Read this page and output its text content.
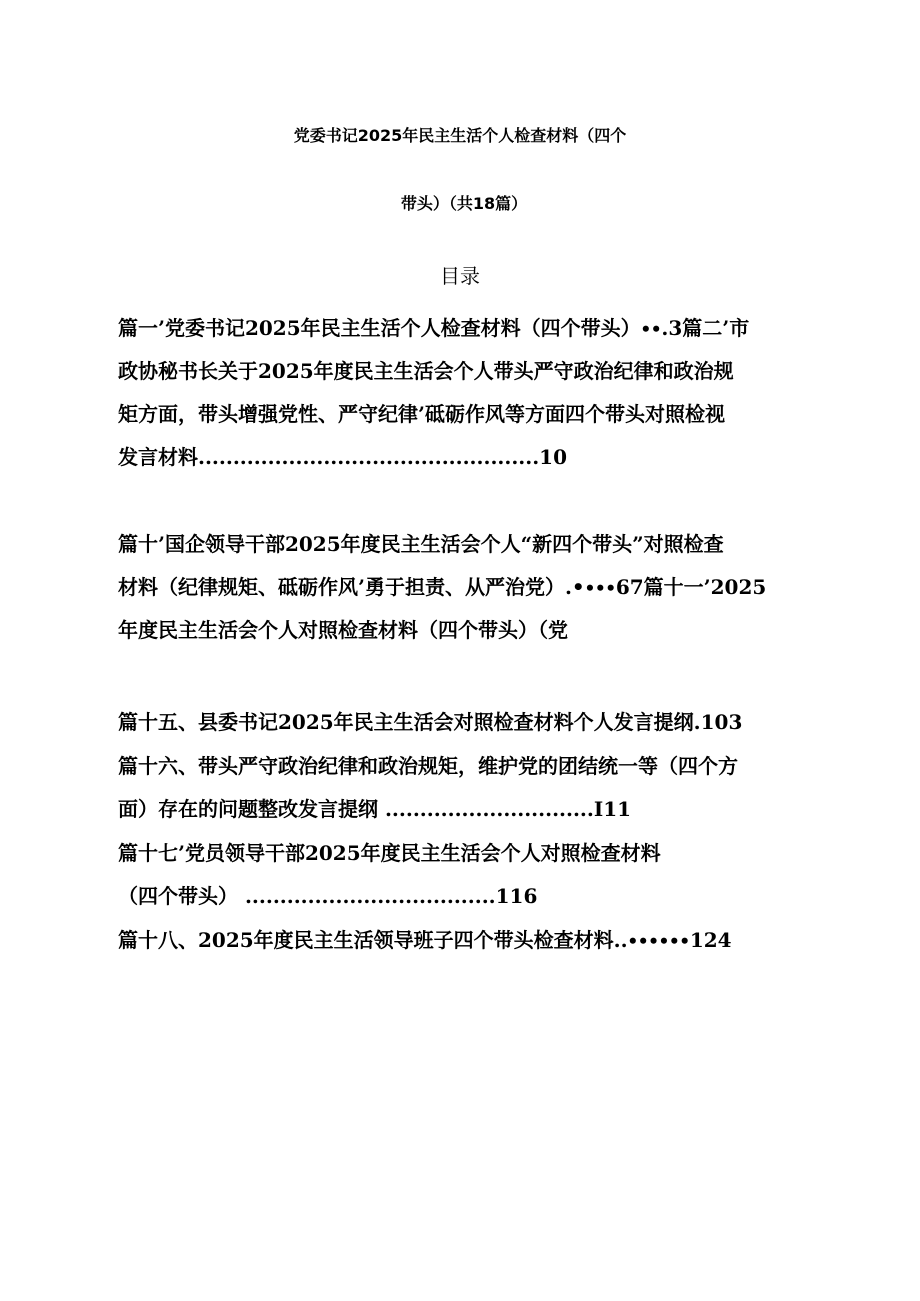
党委书记2025年民主生活个人检查材料（四个
带头）（共18篇）
目录
篇一’党委书记2025年民主生活个人检查材料（四个带头）∙∙.3篇二’市
政协秘书长关于2025年度民主生活会个人带头严守政治纪律和政治规
矩方面，带头增强党性、严守纪律’砥砺作风等方面四个带头对照检视
发言材料.................................................10
篇十’国企领导干部2025年度民主生活会个人“新四个带头”对照检查
材料（纪律规矩、砥砺作风’勇于担责、从严治党）.•∙∙∙67篇十一’2025
年度民主生活会个人对照检查材料（四个带头）（党
篇十五、县委书记2025年民主生活会对照检查材料个人发言提纲.103
篇十六、带头严守政治纪律和政治规矩，维护党的团结统一等（四个方
面）存在的问题整改发言提纲 ..............................I11
篇十七’党员领导干部2025年度民主生活会个人对照检查材料
（四个带头） ....................................116
篇十八、2025年度民主生活领导班子四个带头检查材料..∙∙∙∙∙∙124
